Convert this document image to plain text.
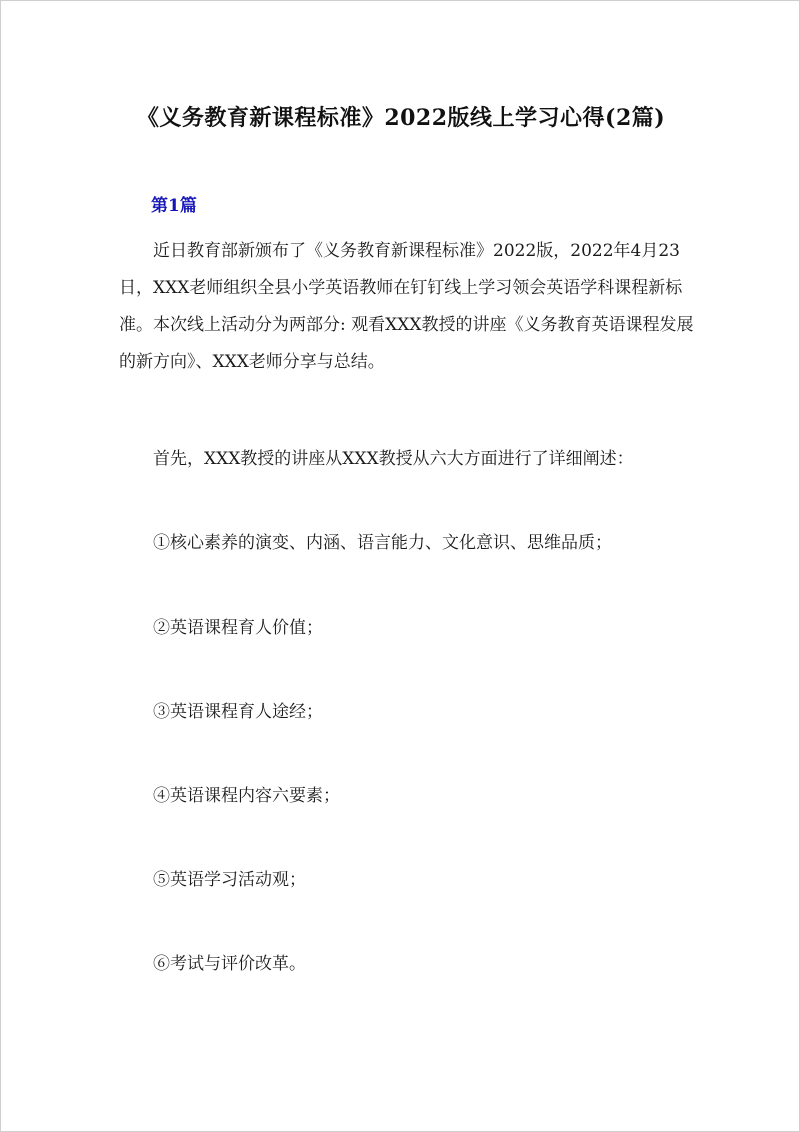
《义务教育新课程标准》2022版线上学习心得(2篇)
第1篇
近日教育部新颁布了《义务教育新课程标准》2022版，2022年4月23日，XXX老师组织全县小学英语教师在钉钉线上学习领会英语学科课程新标准。本次线上活动分为两部分: 观看XXX教授的讲座《义务教育英语课程发展的新方向》、XXX老师分享与总结。
首先，XXX教授的讲座从XXX教授从六大方面进行了详细阐述：
①核心素养的演变、内涵、语言能力、文化意识、思维品质；
②英语课程育人价值；
③英语课程育人途经；
④英语课程内容六要素；
⑤英语学习活动观；
⑥考试与评价改革。
